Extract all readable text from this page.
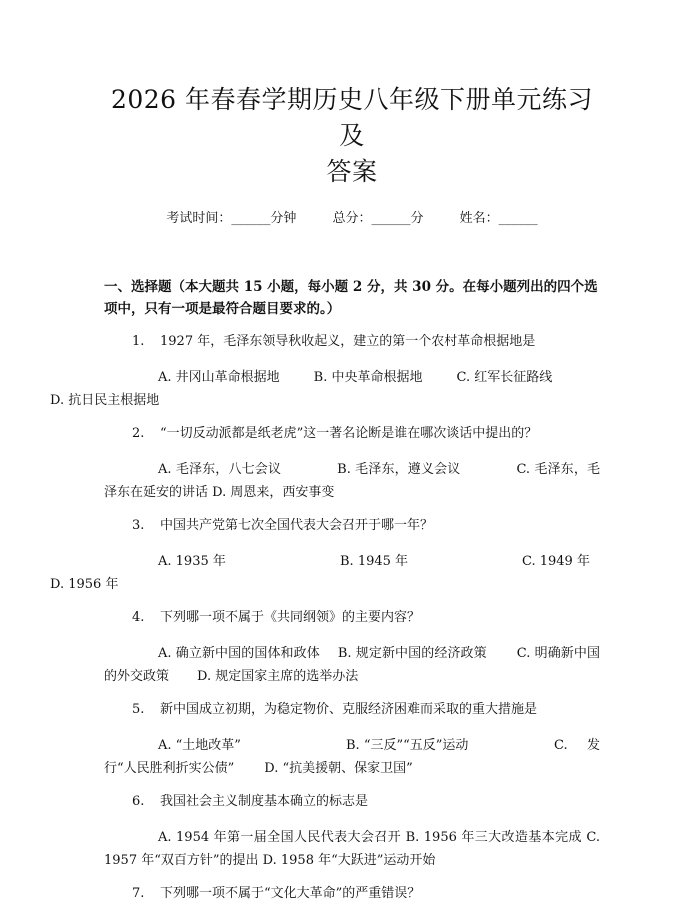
2026 年春春学期历史八年级下册单元练习及
答案
考试时间：______分钟	总分：______分	姓名：______
一、选择题（本大题共 15 小题，每小题 2 分，共 30 分。在每小题列出的四个选项中，只有一项是最符合题目要求的。）
1. 1927 年，毛泽东领导秋收起义，建立的第一个农村革命根据地是
A. 井冈山革命根据地	B. 中央革命根据地	C. 红军长征路线
D. 抗日民主根据地
2. “一切反动派都是纸老虎”这一著名论断是谁在哪次谈话中提出的？
A. 毛泽东，八七会议	B. 毛泽东，遵义会议	C. 毛泽东，毛泽东在延安的讲话 D. 周恩来，西安事变
3. 中国共产党第七次全国代表大会召开于哪一年？
A. 1935 年	B. 1945 年	C. 1949 年
D. 1956 年
4. 下列哪一项不属于《共同纲领》的主要内容？
A. 确立新中国的国体和政体 B. 规定新中国的经济政策 C. 明确新中国的外交政策 D. 规定国家主席的选举办法
5. 新中国成立初期，为稳定物价、克服经济困难而采取的重大措施是
A. “土地改革”	B. “三反”“五反”运动	C. 发行“人民胜利折实公债” D. “抗美援朝、保家卫国”
6. 我国社会主义制度基本确立的标志是
A. 1954 年第一届全国人民代表大会召开 B. 1956 年三大改造基本完成 C. 1957 年“双百方针”的提出 D. 1958 年“大跃进”运动开始
7. 下列哪一项不属于“文化大革命”的严重错误？
